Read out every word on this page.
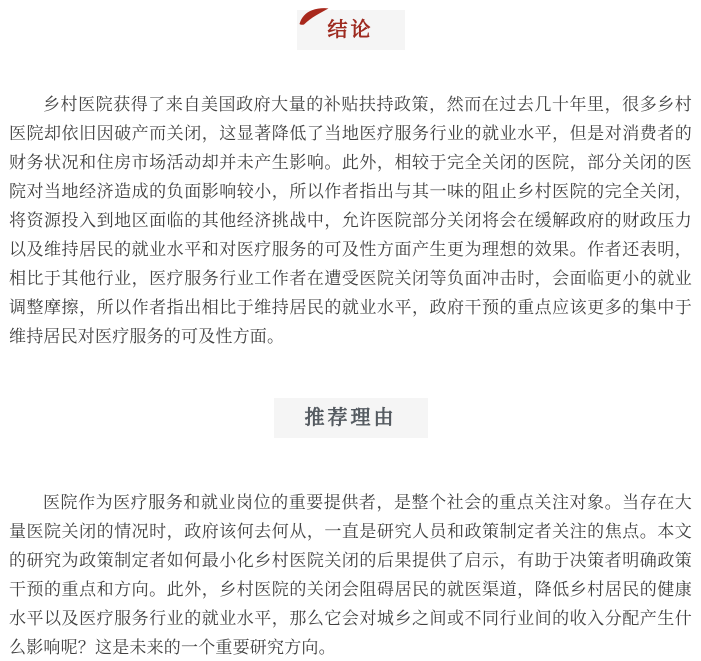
结论

乡村医院获得了来自美国政府大量的补贴扶持政策，然而在过去几十年里，很多乡村医院却依旧因破产而关闭，这显著降低了当地医疗服务行业的就业水平，但是对消费者的财务状况和住房市场活动却并未产生影响。此外，相较于完全关闭的医院，部分关闭的医院对当地经济造成的负面影响较小，所以作者指出与其一味的阻止乡村医院的完全关闭，将资源投入到地区面临的其他经济挑战中，允许医院部分关闭将会在缓解政府的财政压力以及维持居民的就业水平和对医疗服务的可及性方面产生更为理想的效果。作者还表明，相比于其他行业，医疗服务行业工作者在遭受医院关闭等负面冲击时，会面临更小的就业调整摩擦，所以作者指出相比于维持居民的就业水平，政府干预的重点应该更多的集中于维持居民对医疗服务的可及性方面。

推荐理由

医院作为医疗服务和就业岗位的重要提供者，是整个社会的重点关注对象。当存在大量医院关闭的情况时，政府该何去何从，一直是研究人员和政策制定者关注的焦点。本文的研究为政策制定者如何最小化乡村医院关闭的后果提供了启示，有助于决策者明确政策干预的重点和方向。此外，乡村医院的关闭会阻碍居民的就医渠道，降低乡村居民的健康水平以及医疗服务行业的就业水平，那么它会对城乡之间或不同行业间的收入分配产生什么影响呢？这是未来的一个重要研究方向。
